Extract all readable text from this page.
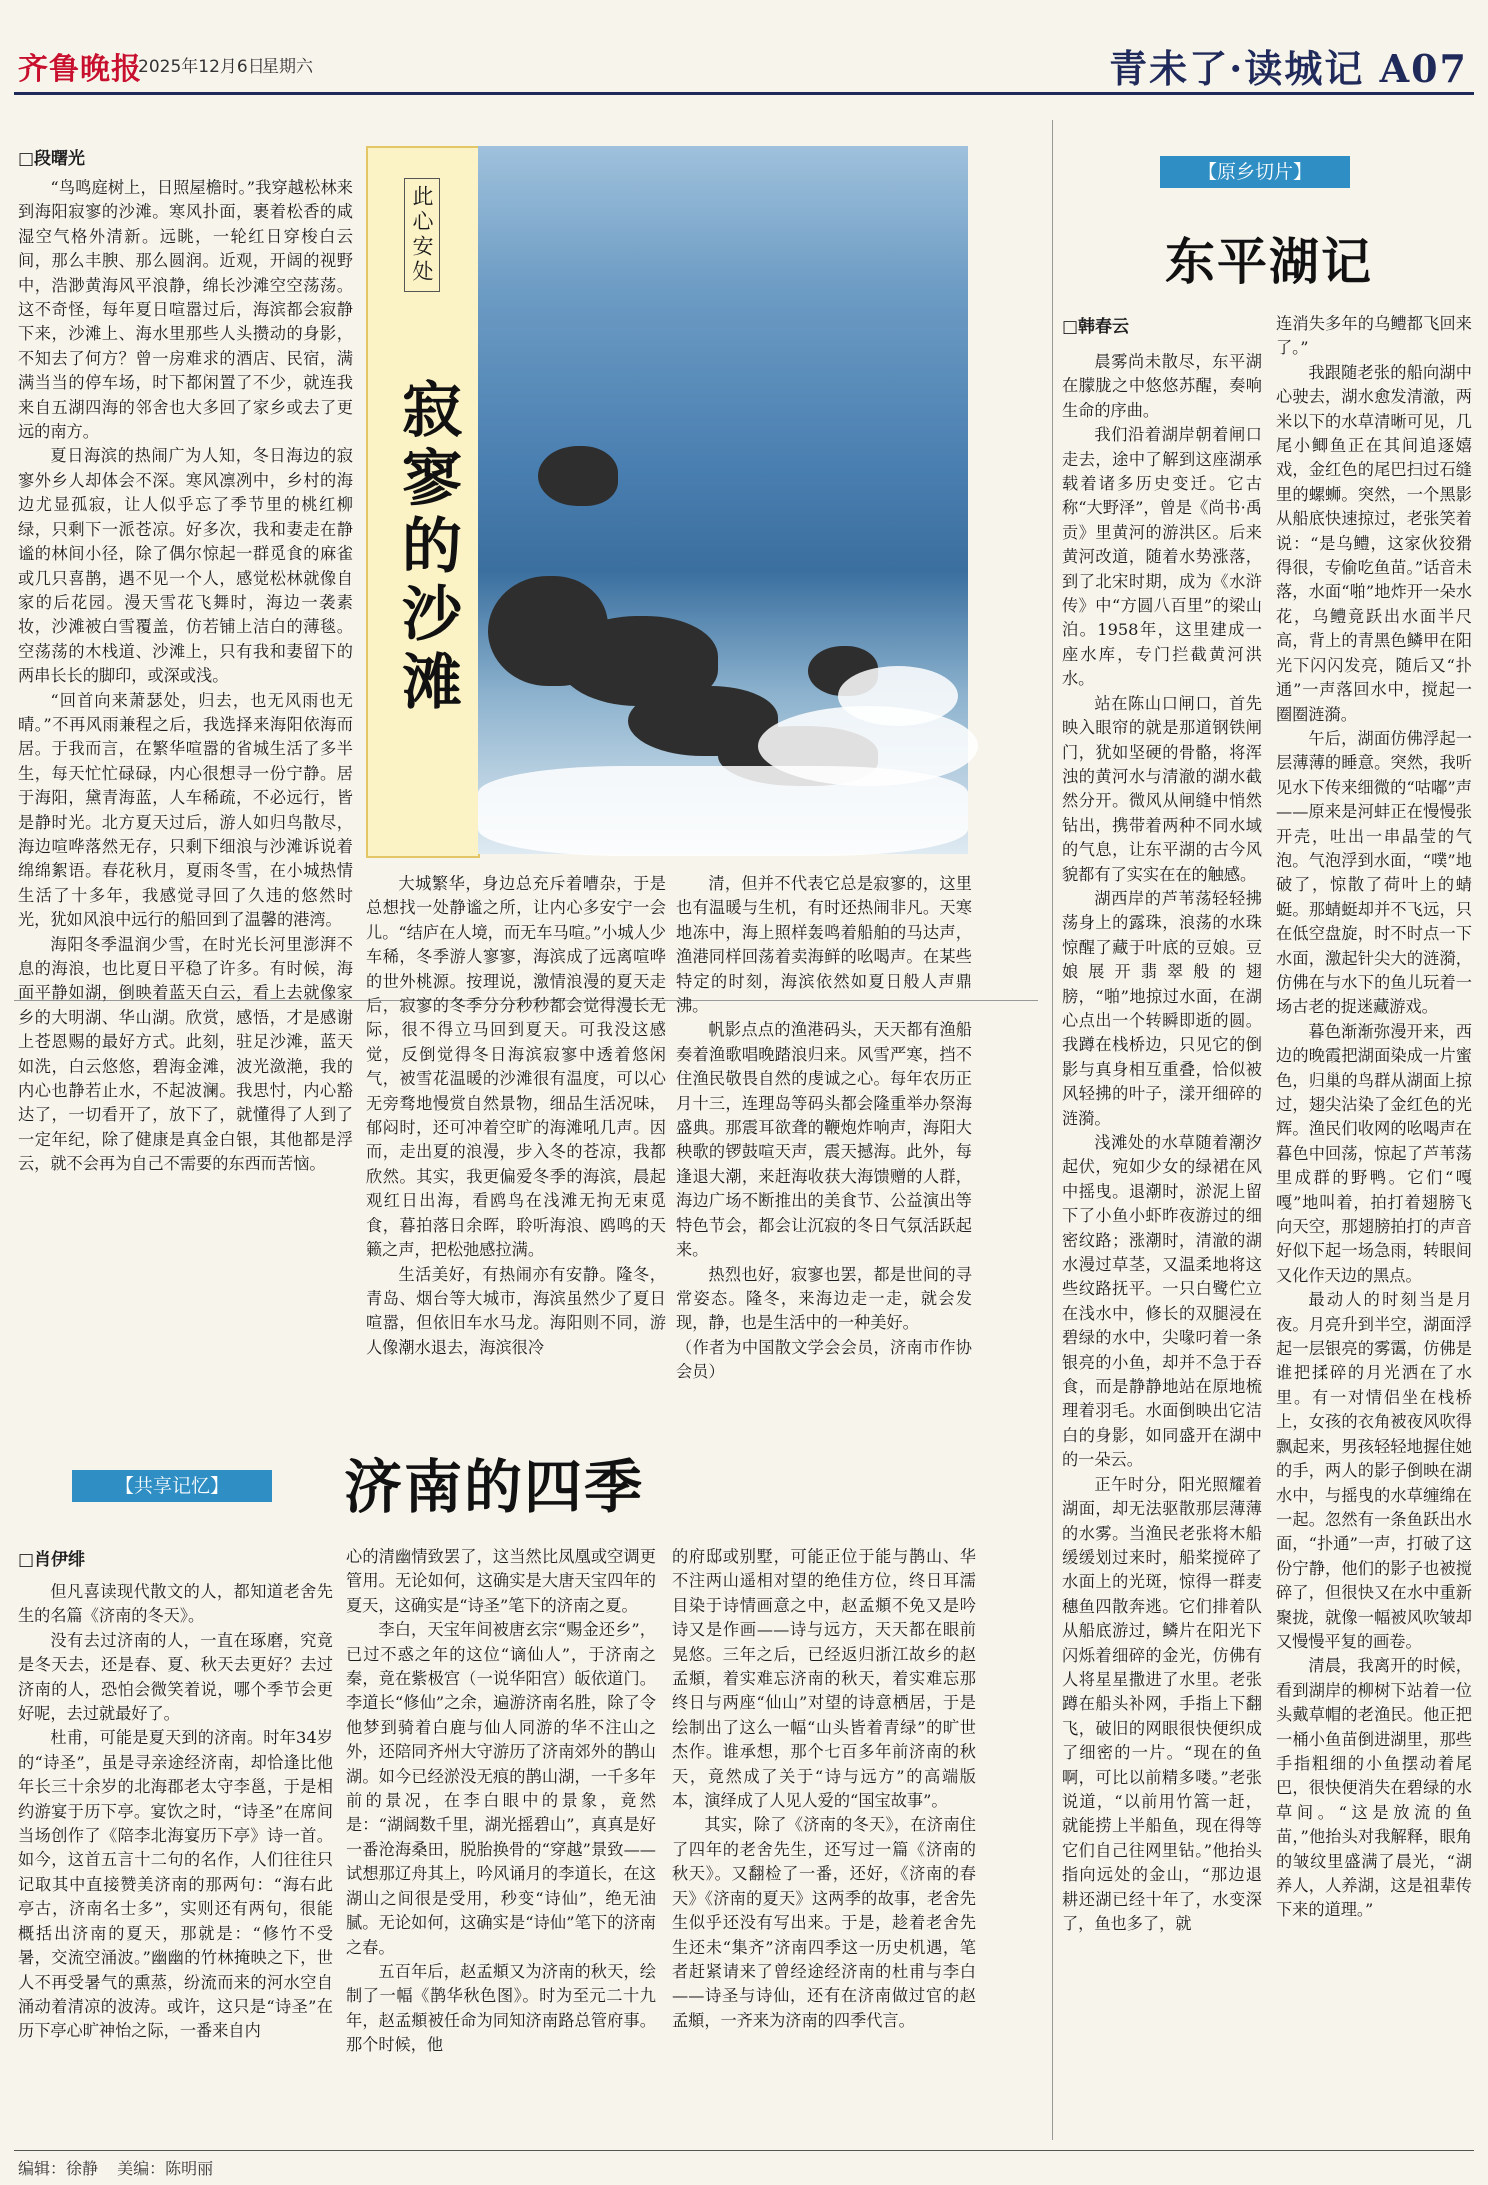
齐鲁晚报
2025年12月6日
星期六	青未了·读城记 A07
□段曙光

“鸟鸣庭树上，日照屋檐时。”我穿越松林来到海阳寂寥的沙滩。寒风扑面，裹着松香的咸湿空气格外清新。远眺，一轮红日穿梭白云间，那么丰腴、那么圆润。近观，开阔的视野中，浩渺黄海风平浪静，绵长沙滩空空荡荡。这不奇怪，每年夏日喧嚣过后，海滨都会寂静下来，沙滩上、海水里那些人头攒动的身影，不知去了何方？曾一房难求的酒店、民宿，满满当当的停车场，时下都闲置了不少，就连我来自五湖四海的邻舍也大多回了家乡或去了更远的南方。

夏日海滨的热闹广为人知，冬日海边的寂寥外乡人却体会不深。寒风凛冽中，乡村的海边尤显孤寂，让人似乎忘了季节里的桃红柳绿，只剩下一派苍凉。好多次，我和妻走在静谧的林间小径，除了偶尔惊起一群觅食的麻雀或几只喜鹊，遇不见一个人，感觉松林就像自家的后花园。漫天雪花飞舞时，海边一袭素妆，沙滩被白雪覆盖，仿若铺上洁白的薄毯。空荡荡的木栈道、沙滩上，只有我和妻留下的两串长长的脚印，或深或浅。

“回首向来萧瑟处，归去，也无风雨也无晴。”不再风雨兼程之后，我选择来海阳依海而居。于我而言，在繁华喧嚣的省城生活了多半生，每天忙忙碌碌，内心很想寻一份宁静。居于海阳，黛青海蓝，人车稀疏，不必远行，皆是静时光。北方夏天过后，游人如归鸟散尽，海边喧哗落然无存，只剩下细浪与沙滩诉说着绵绵絮语。春花秋月，夏雨冬雪，在小城热情生活了十多年，我感觉寻回了久违的悠然时光，犹如风浪中远行的船回到了温馨的港湾。

海阳冬季温润少雪，在时光长河里澎湃不息的海浪，也比夏日平稳了许多。有时候，海面平静如湖，倒映着蓝天白云，看上去就像家乡的大明湖、华山湖。欣赏，感悟，才是感谢上苍恩赐的最好方式。此刻，驻足沙滩，蓝天如洗，白云悠悠，碧海金滩，波光潋滟，我的内心也静若止水，不起波澜。我思忖，内心豁达了，一切看开了，放下了，就懂得了人到了一定年纪，除了健康是真金白银，其他都是浮云，就不会再为自己不需要的东西而苦恼。

此心安处
寂寥的沙滩

大城繁华，身边总充斥着嘈杂，于是总想找一处静谧之所，让内心多安宁一会儿。“结庐在人境，而无车马喧。”小城人少车稀，冬季游人寥寥，海滨成了远离喧哗的世外桃源。按理说，激情浪漫的夏天走后，寂寥的冬季分分秒秒都会觉得漫长无际，很不得立马回到夏天。可我没这感觉，反倒觉得冬日海滨寂寥中透着悠闲气，被雪花温暖的沙滩很有温度，可以心无旁骛地慢赏自然景物，细品生活况味，郁闷时，还可冲着空旷的海滩吼几声。因而，走出夏的浪漫，步入冬的苍凉，我都欣然。其实，我更偏爱冬季的海滨，晨起观红日出海，看鸥鸟在浅滩无拘无束觅食，暮拍落日余晖，聆听海浪、鸥鸣的天籁之声，把松弛感拉满。

生活美好，有热闹亦有安静。隆冬，青岛、烟台等大城市，海滨虽然少了夏日喧嚣，但依旧车水马龙。海阳则不同，游人像潮水退去，海滨很冷

清，但并不代表它总是寂寥的，这里也有温暖与生机，有时还热闹非凡。天寒地冻中，海上照样轰鸣着船舶的马达声，渔港同样回荡着卖海鲜的吆喝声。在某些特定的时刻，海滨依然如夏日般人声鼎沸。

帆影点点的渔港码头，天天都有渔船奏着渔歌唱晚踏浪归来。风雪严寒，挡不住渔民敬畏自然的虔诚之心。每年农历正月十三，连理岛等码头都会隆重举办祭海盛典。那震耳欲聋的鞭炮炸响声，海阳大秧歌的锣鼓喧天声，震天撼海。此外，每逢退大潮，来赶海收获大海馈赠的人群，海边广场不断推出的美食节、公益演出等特色节会，都会让沉寂的冬日气氛活跃起来。

热烈也好，寂寥也罢，都是世间的寻常姿态。隆冬，来海边走一走，就会发现，静，也是生活中的一种美好。

（作者为中国散文学会会员，济南市作协会员）

【共享记忆】	济南的四季
□肖伊绯

但凡喜读现代散文的人，都知道老舍先生的名篇《济南的冬天》。

没有去过济南的人，一直在琢磨，究竟是冬天去，还是春、夏、秋天去更好？去过济南的人，恐怕会微笑着说，哪个季节会更好呢，去过就最好了。

杜甫，可能是夏天到的济南。时年34岁的“诗圣”，虽是寻亲途经济南，却恰逢比他年长三十余岁的北海郡老太守李邕，于是相约游宴于历下亭。宴饮之时，“诗圣”在席间当场创作了《陪李北海宴历下亭》诗一首。如今，这首五言十二句的名作，人们往往只记取其中直接赞美济南的那两句：“海右此亭古，济南名士多”，实则还有两句，很能概括出济南的夏天，那就是：“修竹不受暑，交流空涌波。”幽幽的竹林掩映之下，世人不再受暑气的熏蒸，纷流而来的河水空自涌动着清凉的波涛。或许，这只是“诗圣”在历下亭心旷神怡之际，一番来自内

心的清幽情致罢了，这当然比凤凰或空调更管用。无论如何，这确实是大唐天宝四年的夏天，这确实是“诗圣”笔下的济南之夏。

李白，天宝年间被唐玄宗“赐金还乡”，已过不惑之年的这位“谪仙人”，于济南之秦，竟在紫极宫（一说华阳宫）皈依道门。李道长“修仙”之余，遍游济南名胜，除了令他梦到骑着白鹿与仙人同游的华不注山之外，还陪同齐州大守游历了济南郊外的鹊山湖。如今已经淤没无痕的鹊山湖，一千多年前的景况，在李白眼中的景象，竟然是：“湖阔数千里，湖光摇碧山”，真真是好一番沧海桑田，脱胎换骨的“穿越”景致——试想那辽舟其上，吟风诵月的李道长，在这湖山之间很是受用，秒变“诗仙”，绝无油腻。无论如何，这确实是“诗仙”笔下的济南之春。

五百年后，赵孟頫又为济南的秋天，绘制了一幅《鹊华秋色图》。时为至元二十九年，赵孟頫被任命为同知济南路总管府事。那个时候，他

的府邸或别墅，可能正位于能与鹊山、华不注两山遥相对望的绝佳方位，终日耳濡目染于诗情画意之中，赵孟頫不免又是吟诗又是作画——诗与远方，天天都在眼前晃悠。三年之后，已经返归浙江故乡的赵孟頫，着实难忘济南的秋天，着实难忘那终日与两座“仙山”对望的诗意栖居，于是绘制出了这么一幅“山头皆着青绿”的旷世杰作。谁承想，那个七百多年前济南的秋天，竟然成了关于“诗与远方”的高端版本，演绎成了人见人爱的“国宝故事”。

其实，除了《济南的冬天》，在济南住了四年的老舍先生，还写过一篇《济南的秋天》。又翻检了一番，还好，《济南的春天》《济南的夏天》这两季的故事，老舍先生似乎还没有写出来。于是，趁着老舍先生还未“集齐”济南四季这一历史机遇，笔者赶紧请来了曾经途经济南的杜甫与李白——诗圣与诗仙，还有在济南做过官的赵孟頫，一齐来为济南的四季代言。

【原乡切片】
东平湖记
□韩春云

晨雾尚未散尽，东平湖在朦胧之中悠悠苏醒，奏响生命的序曲。

我们沿着湖岸朝着闸口走去，途中了解到这座湖承载着诸多历史变迁。它古称“大野泽”，曾是《尚书·禹贡》里黄河的游洪区。后来黄河改道，随着水势涨落，到了北宋时期，成为《水浒传》中“方圆八百里”的梁山泊。1958年，这里建成一座水库，专门拦截黄河洪水。

站在陈山口闸口，首先映入眼帘的就是那道钢铁闸门，犹如坚硬的骨骼，将浑浊的黄河水与清澈的湖水截然分开。微风从闸缝中悄然钻出，携带着两种不同水域的气息，让东平湖的古今风貌都有了实实在在的触感。

湖西岸的芦苇荡轻轻拂荡身上的露珠，浪荡的水珠惊醒了藏于叶底的豆娘。豆娘展开翡翠般的翅膀，“啪”地掠过水面，在湖心点出一个转瞬即逝的圆。我蹲在栈桥边，只见它的倒影与真身相互重叠，恰似被风轻拂的叶子，漾开细碎的涟漪。

浅滩处的水草随着潮汐起伏，宛如少女的绿裙在风中摇曳。退潮时，淤泥上留下了小鱼小虾昨夜游过的细密纹路；涨潮时，清澈的湖水漫过草茎，又温柔地将这些纹路抚平。一只白鹭伫立在浅水中，修长的双腿浸在碧绿的水中，尖喙叼着一条银亮的小鱼，却并不急于吞食，而是静静地站在原地梳理着羽毛。水面倒映出它洁白的身影，如同盛开在湖中的一朵云。

正午时分，阳光照耀着湖面，却无法驱散那层薄薄的水雾。当渔民老张将木船缓缓划过来时，船桨搅碎了水面上的光斑，惊得一群麦穗鱼四散奔逃。它们排着队从船底游过，鳞片在阳光下闪烁着细碎的金光，仿佛有人将星星撒进了水里。老张蹲在船头补网，手指上下翻飞，破旧的网眼很快便织成了细密的一片。“现在的鱼啊，可比以前精多喽。”老张说道，“以前用竹篙一赶，就能捞上半船鱼，现在得等它们自己往网里钻。”他抬头指向远处的金山，“那边退耕还湖已经十年了，水变深了，鱼也多了，就

连消失多年的乌鳢都飞回来了。”

我跟随老张的船向湖中心驶去，湖水愈发清澈，两米以下的水草清晰可见，几尾小鲫鱼正在其间追逐嬉戏，金红色的尾巴扫过石缝里的螺蛳。突然，一个黑影从船底快速掠过，老张笑着说：“是乌鳢，这家伙狡猾得很，专偷吃鱼苗。”话音未落，水面“啪”地炸开一朵水花，乌鳢竟跃出水面半尺高，背上的青黑色鳞甲在阳光下闪闪发亮，随后又“扑通”一声落回水中，搅起一圈圈涟漪。

午后，湖面仿佛浮起一层薄薄的睡意。突然，我听见水下传来细微的“咕嘟”声——原来是河蚌正在慢慢张开壳，吐出一串晶莹的气泡。气泡浮到水面，“噗”地破了，惊散了荷叶上的蜻蜓。那蜻蜓却并不飞远，只在低空盘旋，时不时点一下水面，激起针尖大的涟漪，仿佛在与水下的鱼儿玩着一场古老的捉迷藏游戏。

暮色渐渐弥漫开来，西边的晚霞把湖面染成一片蜜色，归巢的鸟群从湖面上掠过，翅尖沾染了金红色的光辉。渔民们收网的吆喝声在暮色中回荡，惊起了芦苇荡里成群的野鸭。它们“嘎嘎”地叫着，拍打着翅膀飞向天空，那翅膀拍打的声音好似下起一场急雨，转眼间又化作天边的黑点。

最动人的时刻当是月夜。月亮升到半空，湖面浮起一层银亮的雾霭，仿佛是谁把揉碎的月光洒在了水里。有一对情侣坐在栈桥上，女孩的衣角被夜风吹得飘起来，男孩轻轻地握住她的手，两人的影子倒映在湖水中，与摇曳的水草缠绵在一起。忽然有一条鱼跃出水面，“扑通”一声，打破了这份宁静，他们的影子也被搅碎了，但很快又在水中重新聚拢，就像一幅被风吹皱却又慢慢平复的画卷。

清晨，我离开的时候，看到湖岸的柳树下站着一位头戴草帽的老渔民。他正把一桶小鱼苗倒进湖里，那些手指粗细的小鱼摆动着尾巴，很快便消失在碧绿的水草间。“这是放流的鱼苗，”他抬头对我解释，眼角的皱纹里盛满了晨光，“湖养人，人养湖，这是祖辈传下来的道理。”

编辑：徐静 美编：陈明丽
